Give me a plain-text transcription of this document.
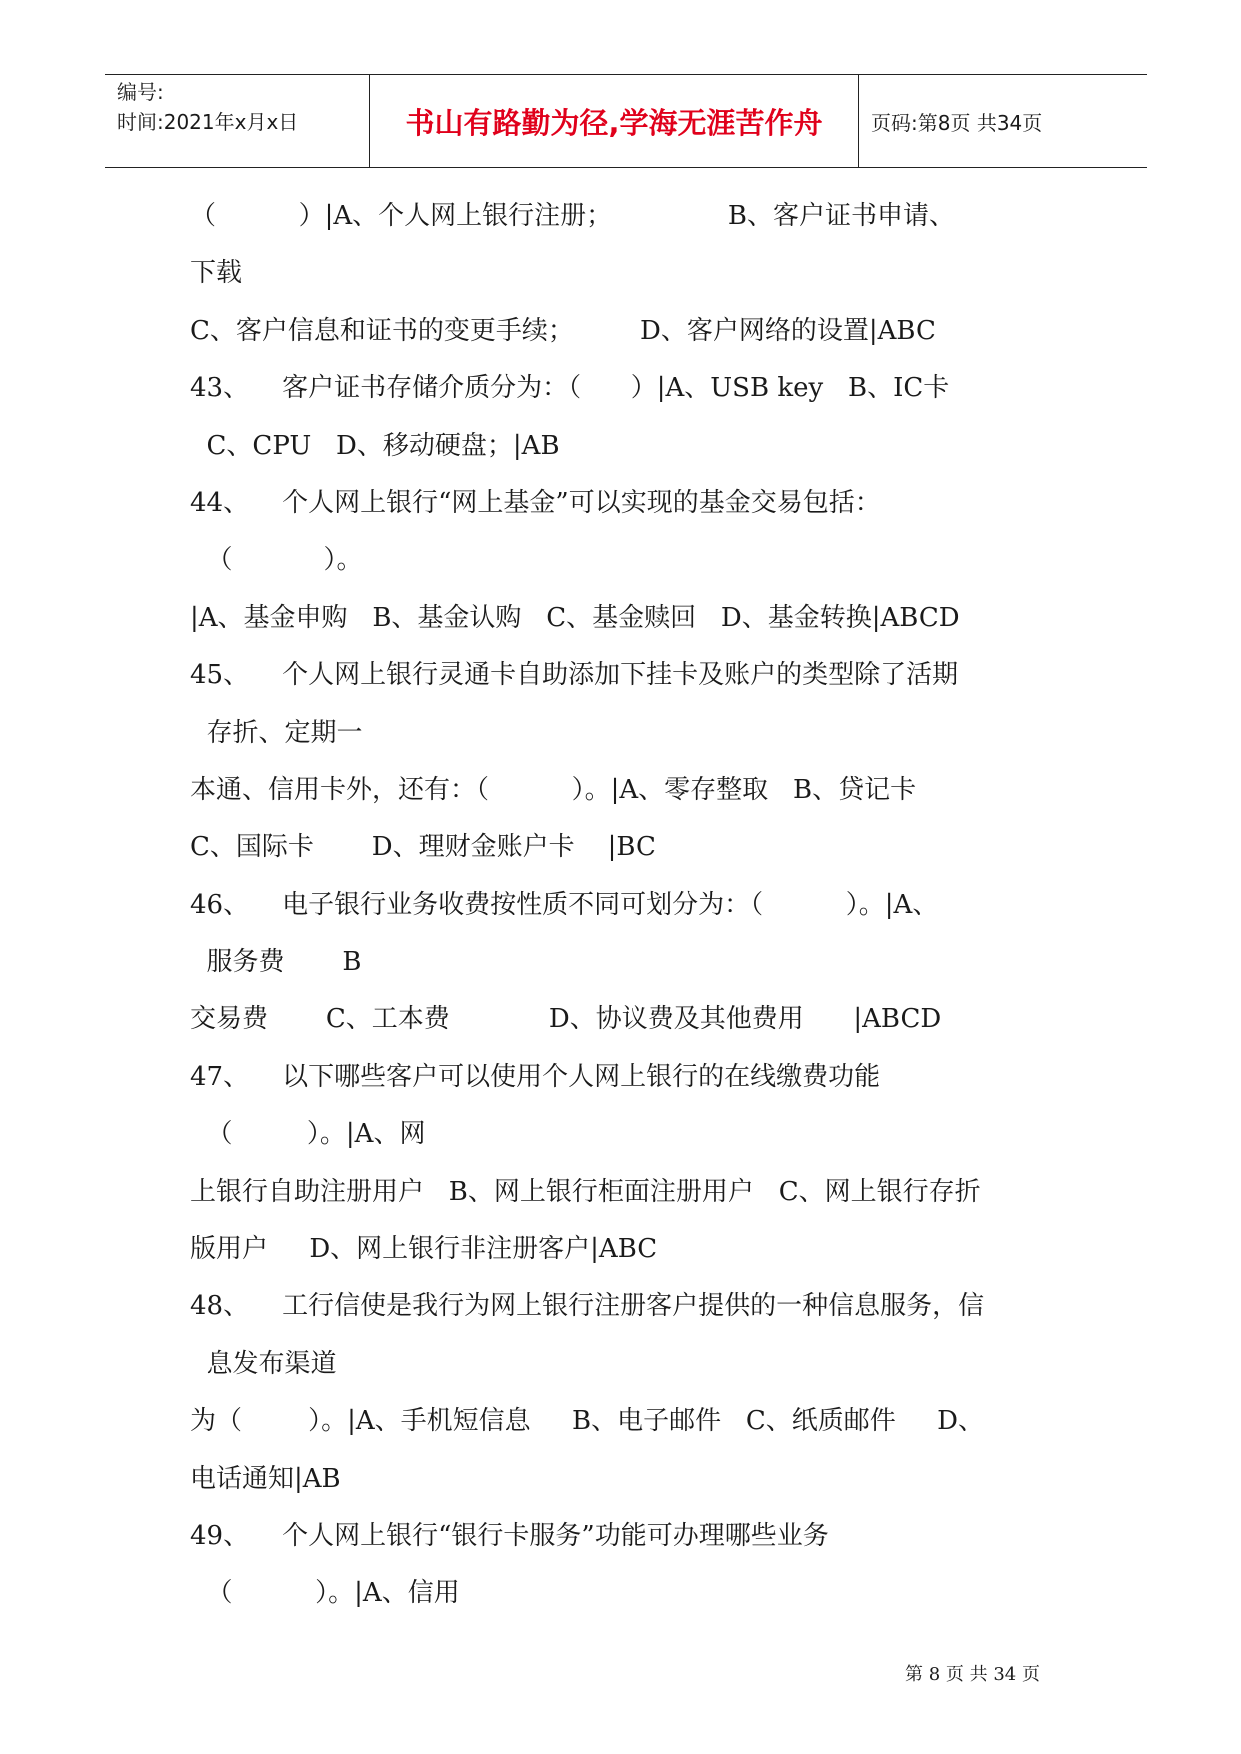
编号:
时间:2021年x月x日	书山有路勤为径,学海无涯苦作舟 页码:第8页 共34页
（          ）|A、个人网上银行注册；              B、客户证书申请、
下载
C、客户信息和证书的变更手续；        D、客户网络的设置|ABC
43、    客户证书存储介质分为：（      ）|A、USB key   B、IC卡
C、CPU   D、移动硬盘；|AB
44、    个人网上银行“网上基金”可以实现的基金交易包括：
（           ）。
|A、基金申购   B、基金认购   C、基金赎回   D、基金转换|ABCD
45、    个人网上银行灵通卡自助添加下挂卡及账户的类型除了活期
存折、定期一
本通、信用卡外，还有：（          ）。|A、零存整取   B、贷记卡
C、国际卡       D、理财金账户卡    |BC
46、    电子银行业务收费按性质不同可划分为：（          ）。|A、
服务费       B
交易费       C、工本费            D、协议费及其他费用      |ABCD
47、    以下哪些客户可以使用个人网上银行的在线缴费功能
（         ）。|A、网
上银行自助注册用户   B、网上银行柜面注册用户   C、网上银行存折
版用户     D、网上银行非注册客户|ABC
48、    工行信使是我行为网上银行注册客户提供的一种信息服务，信
息发布渠道
为（        ）。|A、手机短信息     B、电子邮件   C、纸质邮件     D、
电话通知|AB
49、    个人网上银行“银行卡服务”功能可办理哪些业务
（          ）。|A、信用
第 8 页 共 34 页
